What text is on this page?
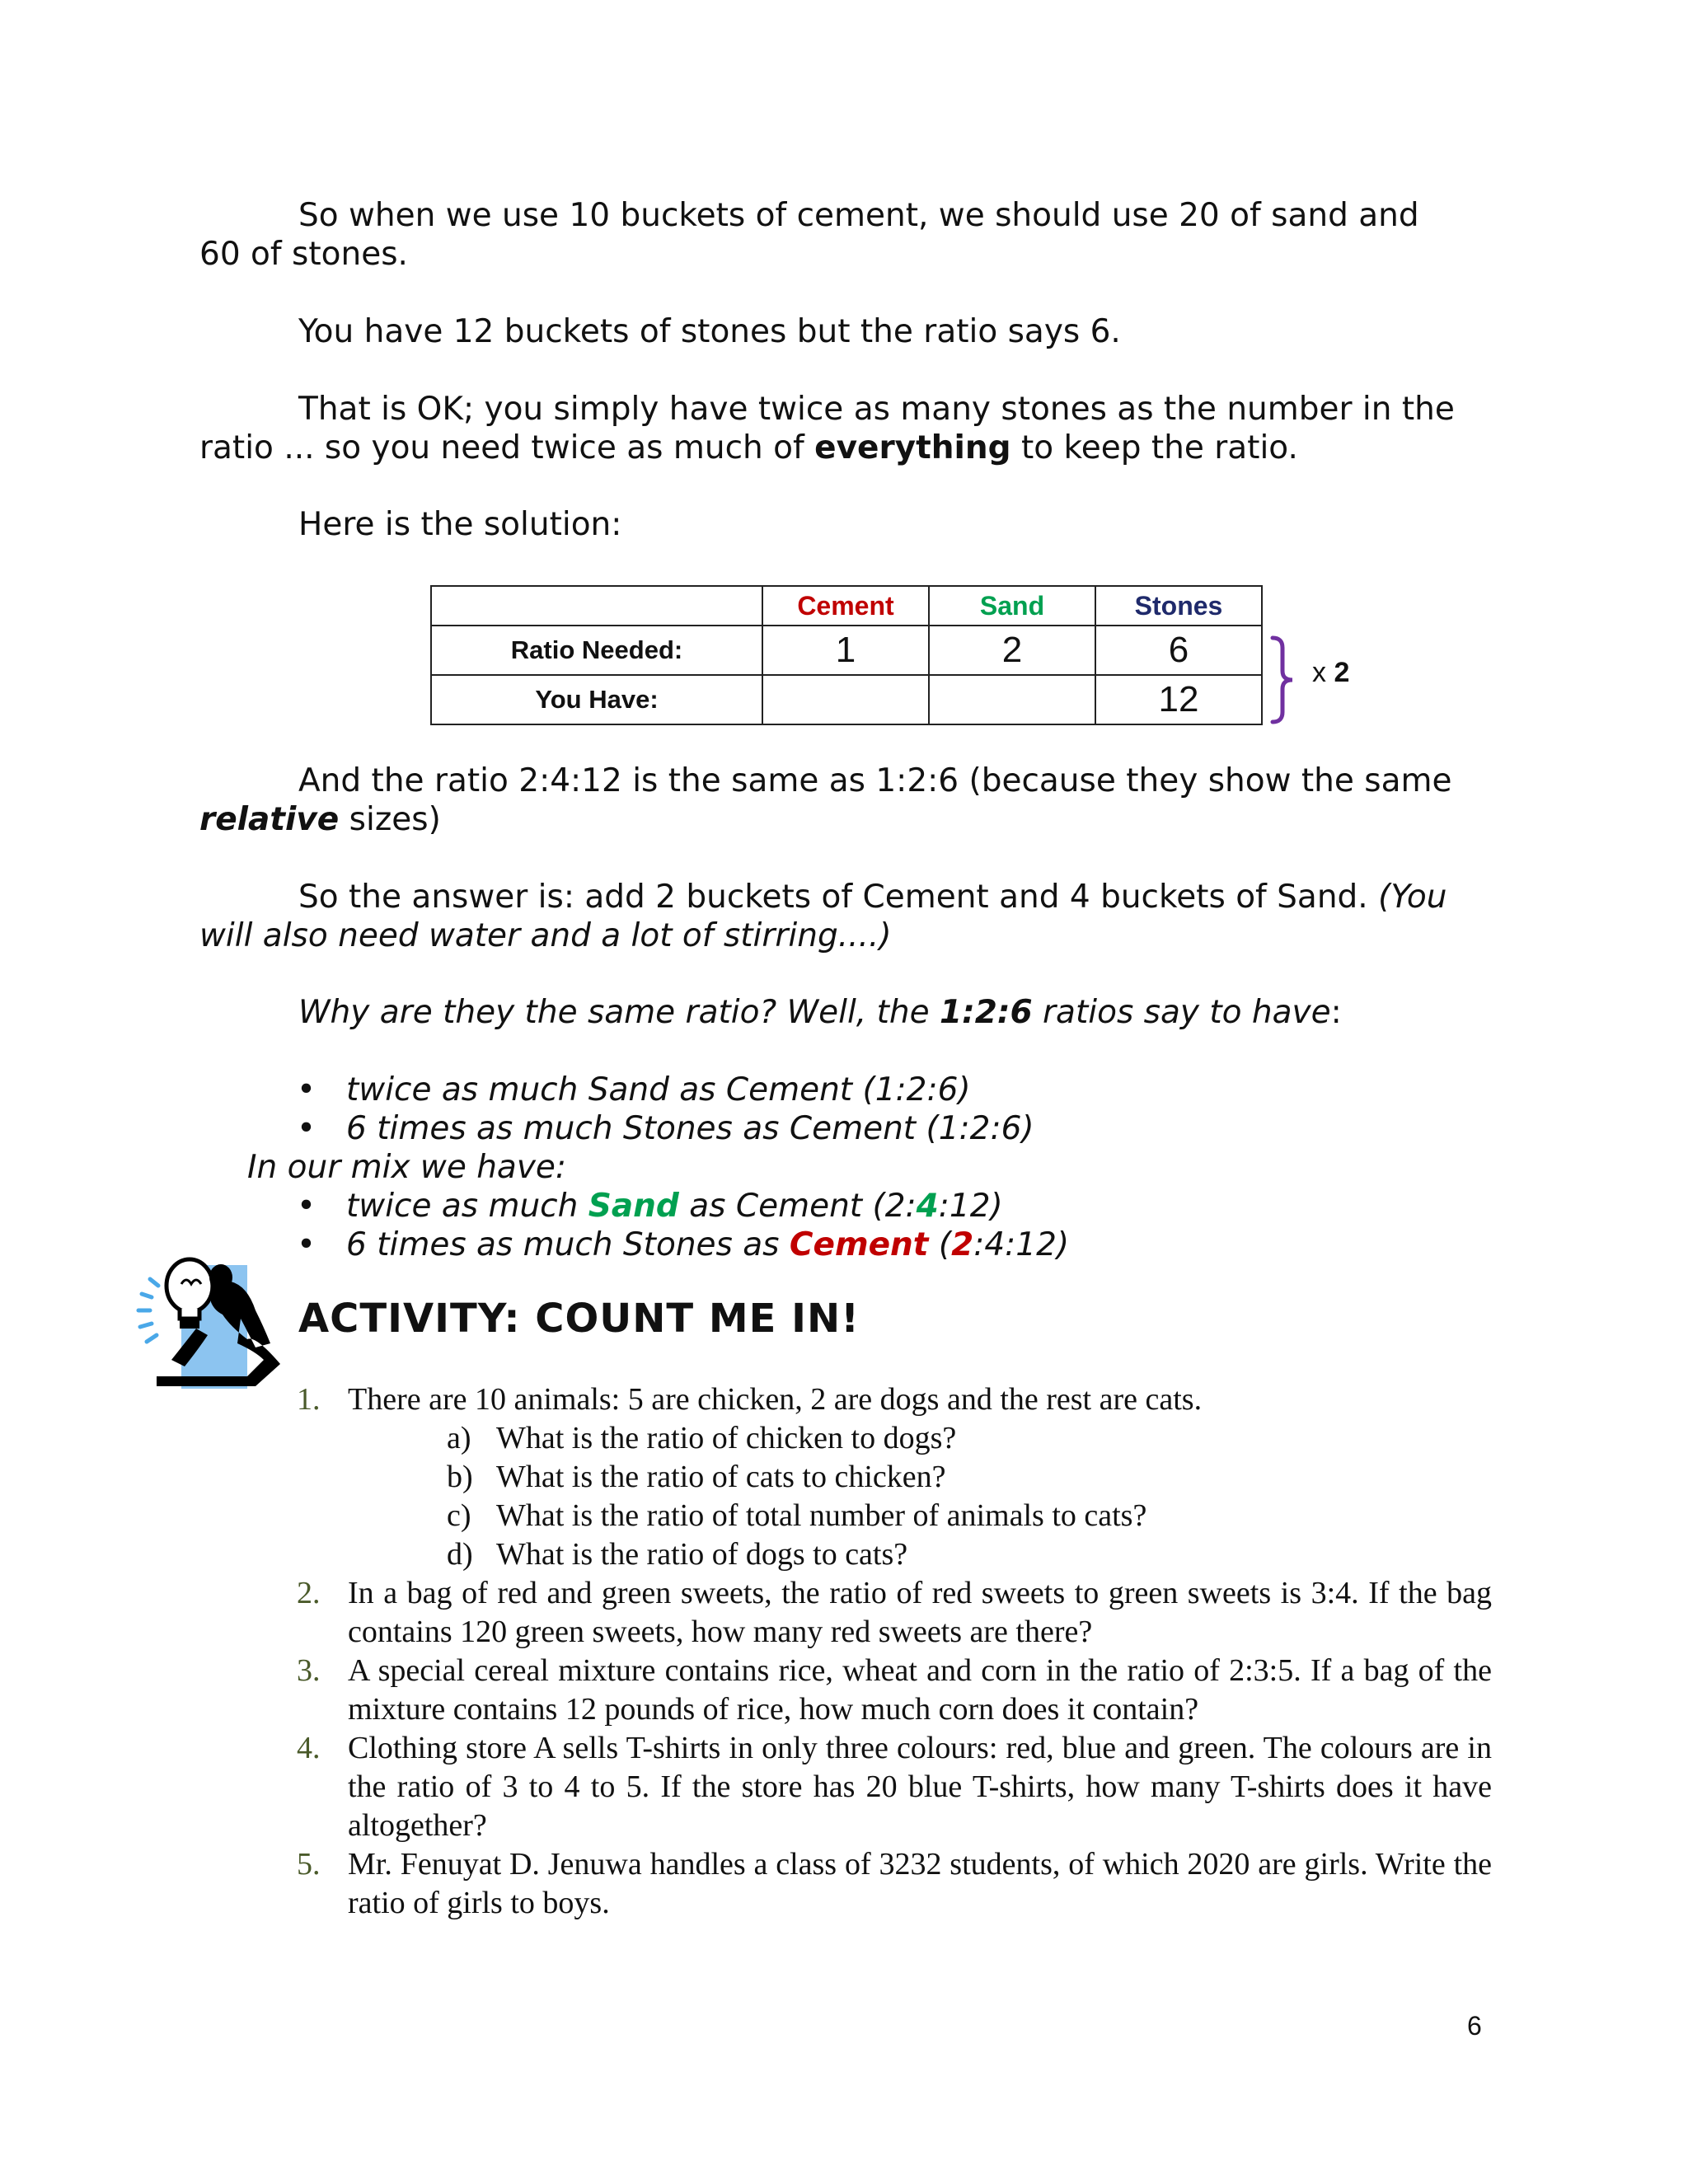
So when we use 10 buckets of cement, we should use 20 of sand and 60 of stones.

You have 12 buckets of stones but the ratio says 6.

That is OK; you simply have twice as many stones as the number in the ratio ... so you need twice as much of everything to keep the ratio.

Here is the solution:

	Cement	Sand	Stones
Ratio Needed:	1	2	6
You Have:			12
x 2

And the ratio 2:4:12 is the same as 1:2:6 (because they show the same relative sizes)

So the answer is: add 2 buckets of Cement and 4 buckets of Sand. (You will also need water and a lot of stirring....)

Why are they the same ratio? Well, the 1:2:6 ratios say to have:

• twice as much Sand as Cement (1:2:6)
• 6 times as much Stones as Cement (1:2:6)

In our mix we have:

• twice as much Sand as Cement (2:4:12)
• 6 times as much Stones as Cement (2:4:12)
ACTIVITY: COUNT ME IN!
1. There are 10 animals: 5 are chicken, 2 are dogs and the rest are cats.
a) What is the ratio of chicken to dogs?
b) What is the ratio of cats to chicken?
c) What is the ratio of total number of animals to cats?
d) What is the ratio of dogs to cats?
2. In a bag of red and green sweets, the ratio of red sweets to green sweets is 3:4. If the bag contains 120 green sweets, how many red sweets are there?
3. A special cereal mixture contains rice, wheat and corn in the ratio of 2:3:5. If a bag of the mixture contains 12 pounds of rice, how much corn does it contain?
4. Clothing store A sells T-shirts in only three colours: red, blue and green. The colours are in the ratio of 3 to 4 to 5. If the store has 20 blue T-shirts, how many T-shirts does it have altogether?
5. Mr. Fenuyat D. Jenuwa handles a class of 3232 students, of which 2020 are girls. Write the ratio of girls to boys.
6
